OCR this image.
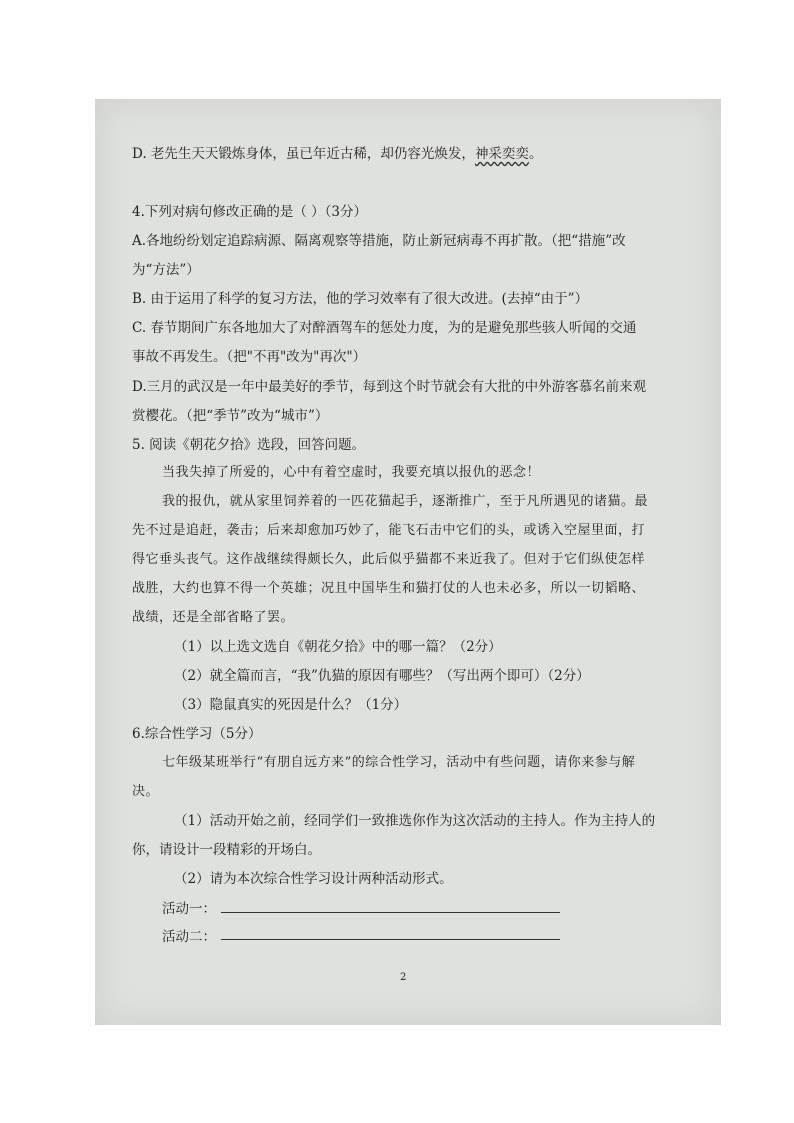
D. 老先生天天锻炼身体，虽已年近古稀，却仍容光焕发，神采奕奕。
4.下列对病句修改正确的是（ ）（3分）
A.各地纷纷划定追踪病源、隔离观察等措施，防止新冠病毒不再扩散。（把“措施”改
为“方法”）
B. 由于运用了科学的复习方法，他的学习效率有了很大改进。(去掉“由于”）
C. 春节期间广东各地加大了对醉酒驾车的惩处力度，为的是避免那些骇人听闻的交通
事故不再发生。（把"不再"改为"再次"）
D.三月的武汉是一年中最美好的季节，每到这个时节就会有大批的中外游客慕名前来观
赏樱花。（把“季节”改为“城市”）
5. 阅读《朝花夕拾》选段，回答问题。
当我失掉了所爱的，心中有着空虚时，我要充填以报仇的恶念！
我的报仇，就从家里饲养着的一匹花猫起手，逐渐推广，至于凡所遇见的诸猫。最
先不过是追赶，袭击；后来却愈加巧妙了，能飞石击中它们的头，或诱入空屋里面，打
得它垂头丧气。这作战继续得颇长久，此后似乎猫都不来近我了。但对于它们纵使怎样
战胜，大约也算不得一个英雄；况且中国毕生和猫打仗的人也未必多，所以一切韬略、
战绩，还是全部省略了罢。
（1）以上选文选自《朝花夕拾》中的哪一篇？（2分）
（2）就全篇而言，“我”仇猫的原因有哪些？（写出两个即可）（2分）
（3）隐鼠真实的死因是什么？（1分）
6.综合性学习（5分）
七年级某班举行“有朋自远方来”的综合性学习，活动中有些问题，请你来参与解
决。
（1）活动开始之前，经同学们一致推选你作为这次活动的主持人。作为主持人的
你，请设计一段精彩的开场白。
（2）请为本次综合性学习设计两种活动形式。
活动一：
活动二：
2
